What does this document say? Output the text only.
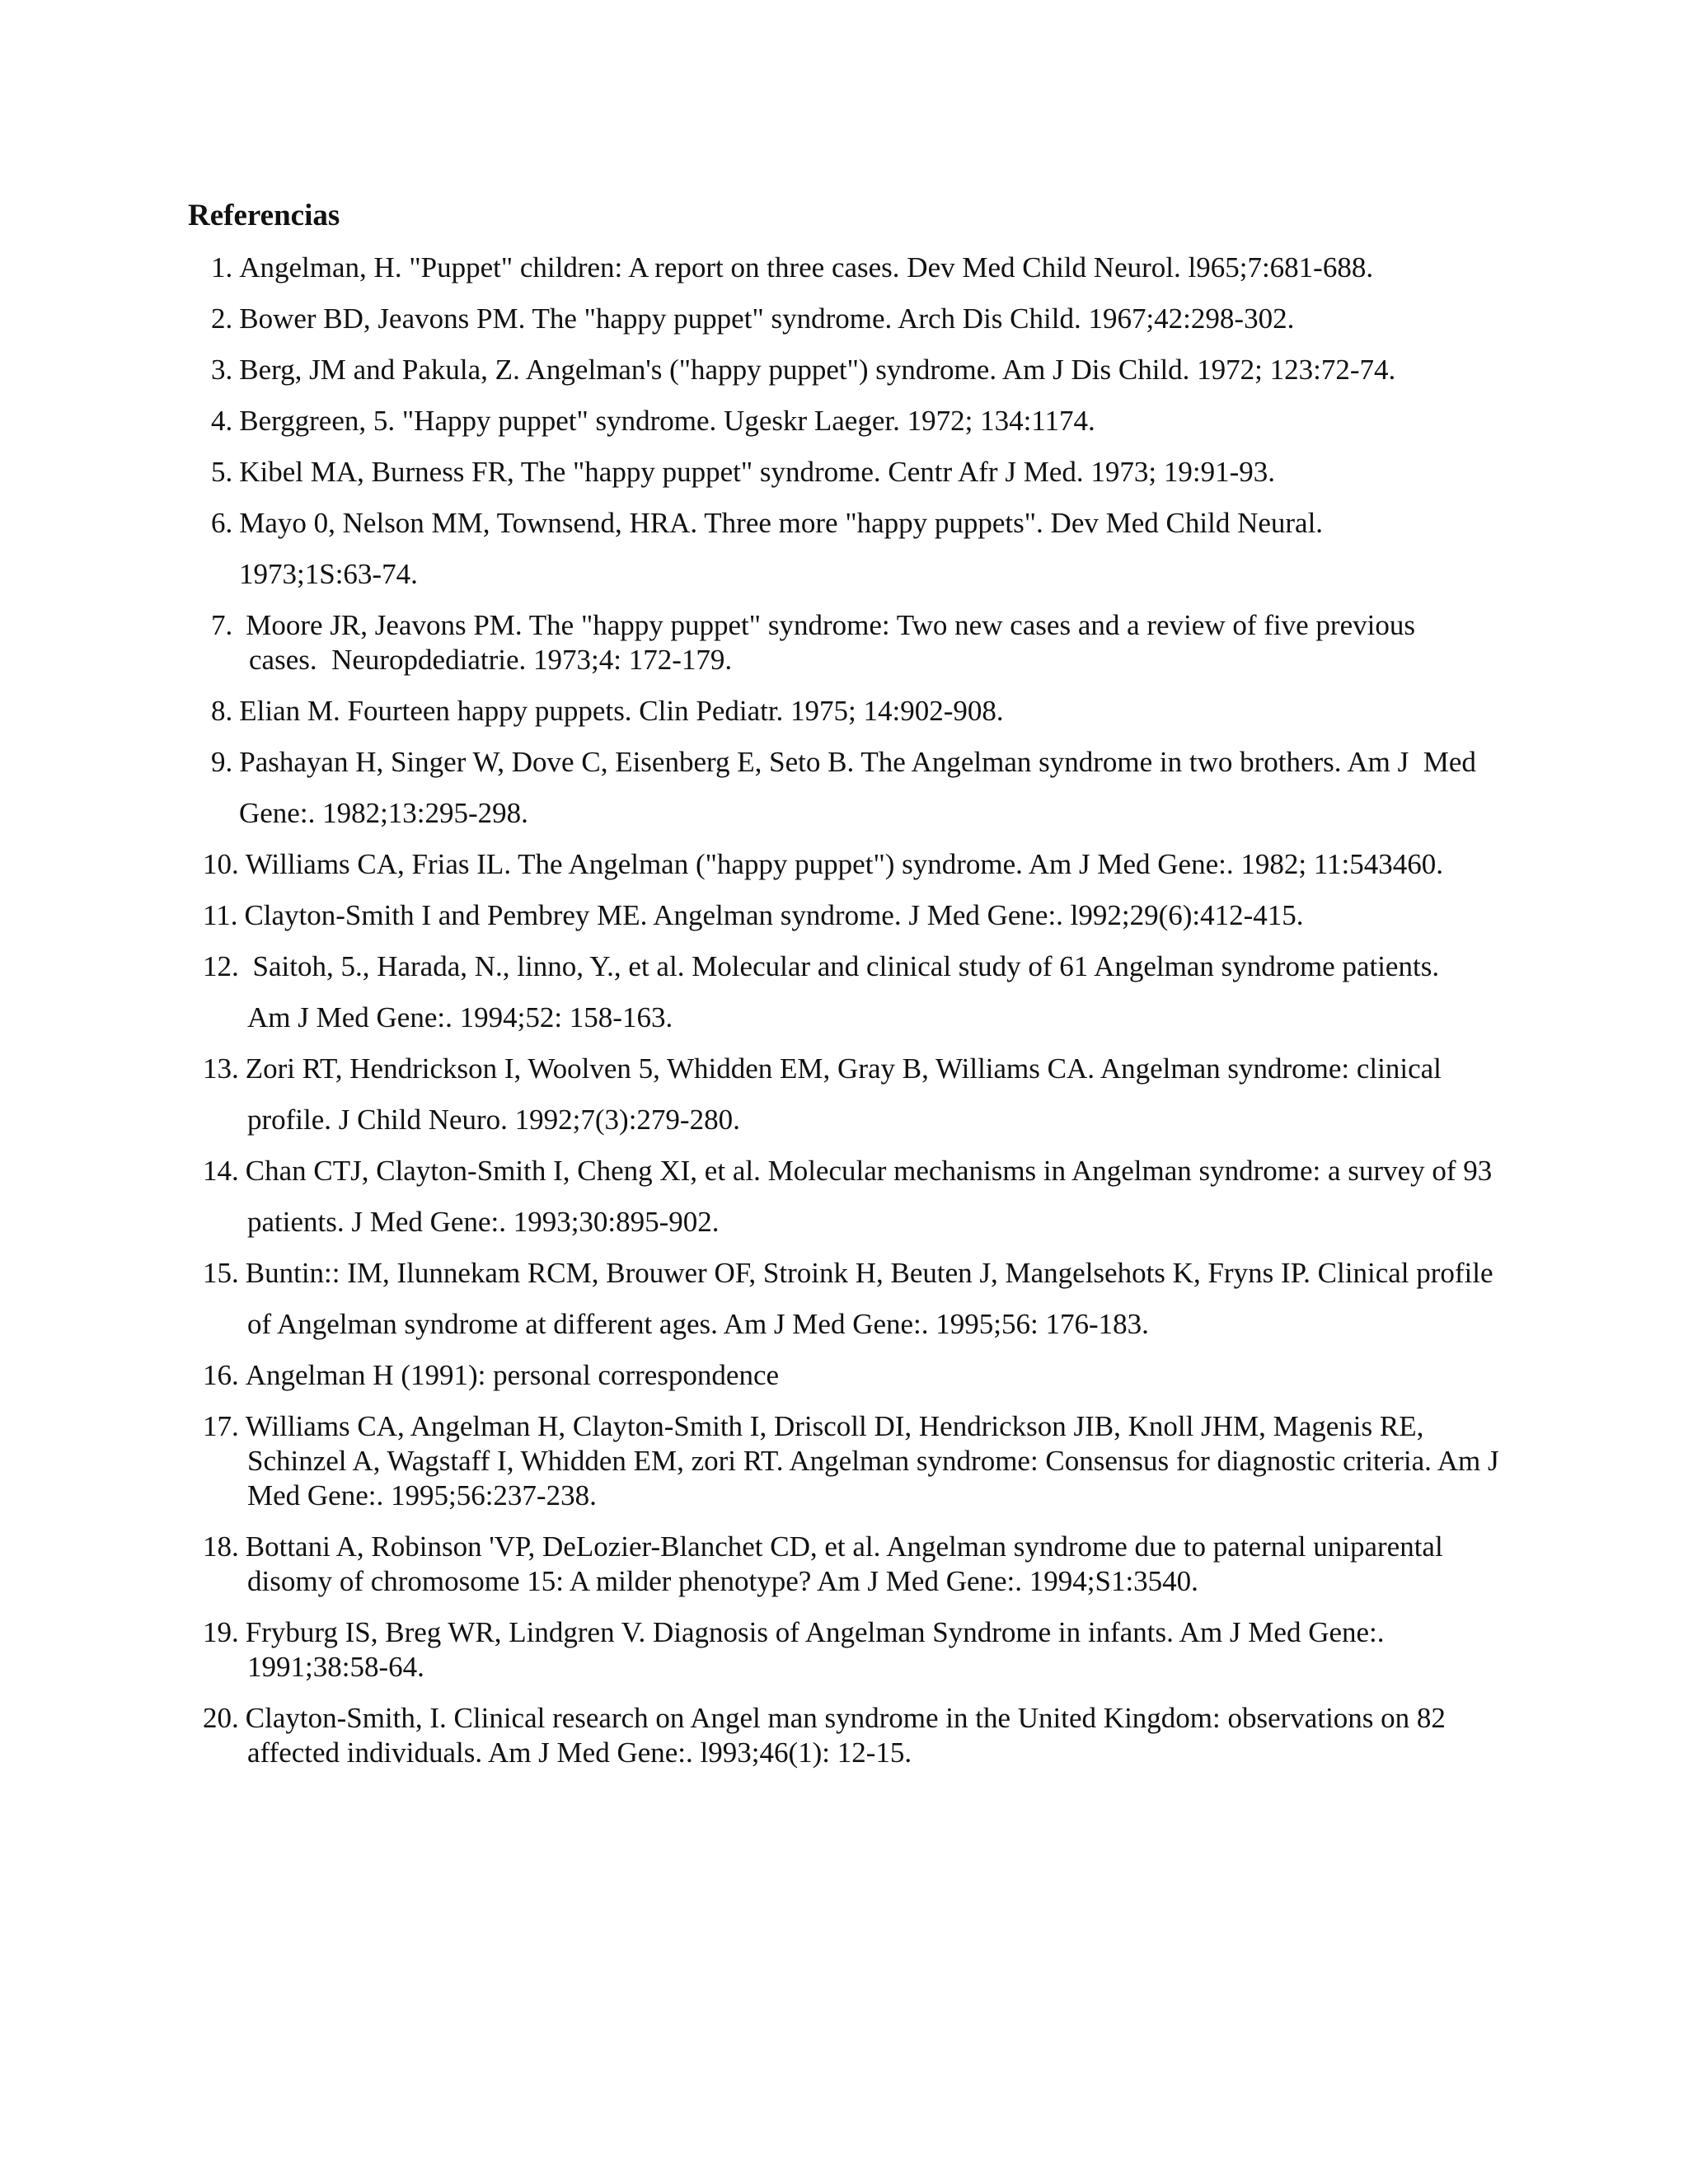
Referencias
1. Angelman, H. "Puppet" children: A report on three cases. Dev Med Child Neurol. l965;7:681-688.
2. Bower BD, Jeavons PM. The "happy puppet" syndrome. Arch Dis Child. 1967;42:298-302.
3. Berg, JM and Pakula, Z. Angelman's ("happy puppet") syndrome. Am J Dis Child. 1972; 123:72-74.
4. Berggreen, 5. "Happy puppet" syndrome. Ugeskr Laeger. 1972; 134:1174.
5. Kibel MA, Burness FR, The "happy puppet" syndrome. Centr Afr J Med. 1973; 19:91-93.
6. Mayo 0, Nelson MM, Townsend, HRA. Three more "happy puppets". Dev Med Child Neural.
1973;1S:63-74.
7. Moore JR, Jeavons PM. The "happy puppet" syndrome: Two new cases and a review of five previous
cases.  Neuropdediatrie. 1973;4: 172-179.
8. Elian M. Fourteen happy puppets. Clin Pediatr. 1975; 14:902-908.
9. Pashayan H, Singer W, Dove C, Eisenberg E, Seto B. The Angelman syndrome in two brothers. Am J  Med
Gene:. 1982;13:295-298.
10. Williams CA, Frias IL. The Angelman ("happy puppet") syndrome. Am J Med Gene:. 1982; 11:543460.
11. Clayton-Smith I and Pembrey ME. Angelman syndrome. J Med Gene:. l992;29(6):412-415.
12. Saitoh, 5., Harada, N., linno, Y., et al. Molecular and clinical study of 61 Angelman syndrome patients.
Am J Med Gene:. 1994;52: 158-163.
13. Zori RT, Hendrickson I, Woolven 5, Whidden EM, Gray B, Williams CA. Angelman syndrome: clinical
profile. J Child Neuro. 1992;7(3):279-280.
14. Chan CTJ, Clayton-Smith I, Cheng XI, et al. Molecular mechanisms in Angelman syndrome: a survey of 93
patients. J Med Gene:. 1993;30:895-902.
15. Buntin:: IM, Ilunnekam RCM, Brouwer OF, Stroink H, Beuten J, Mangelsehots K, Fryns IP. Clinical profile
of Angelman syndrome at different ages. Am J Med Gene:. 1995;56: 176-183.
16. Angelman H (1991): personal correspondence
17. Williams CA, Angelman H, Clayton-Smith I, Driscoll DI, Hendrickson JIB, Knoll JHM, Magenis RE,
Schinzel A, Wagstaff I, Whidden EM, zori RT. Angelman syndrome: Consensus for diagnostic criteria. Am J
Med Gene:. 1995;56:237-238.
18. Bottani A, Robinson 'VP, DeLozier-Blanchet CD, et al. Angelman syndrome due to paternal uniparental
disomy of chromosome 15: A milder phenotype? Am J Med Gene:. 1994;S1:3540.
19. Fryburg IS, Breg WR, Lindgren V. Diagnosis of Angelman Syndrome in infants. Am J Med Gene:.
1991;38:58-64.
20. Clayton-Smith, I. Clinical research on Angel man syndrome in the United Kingdom: observations on 82
affected individuals. Am J Med Gene:. l993;46(1): 12-15.
